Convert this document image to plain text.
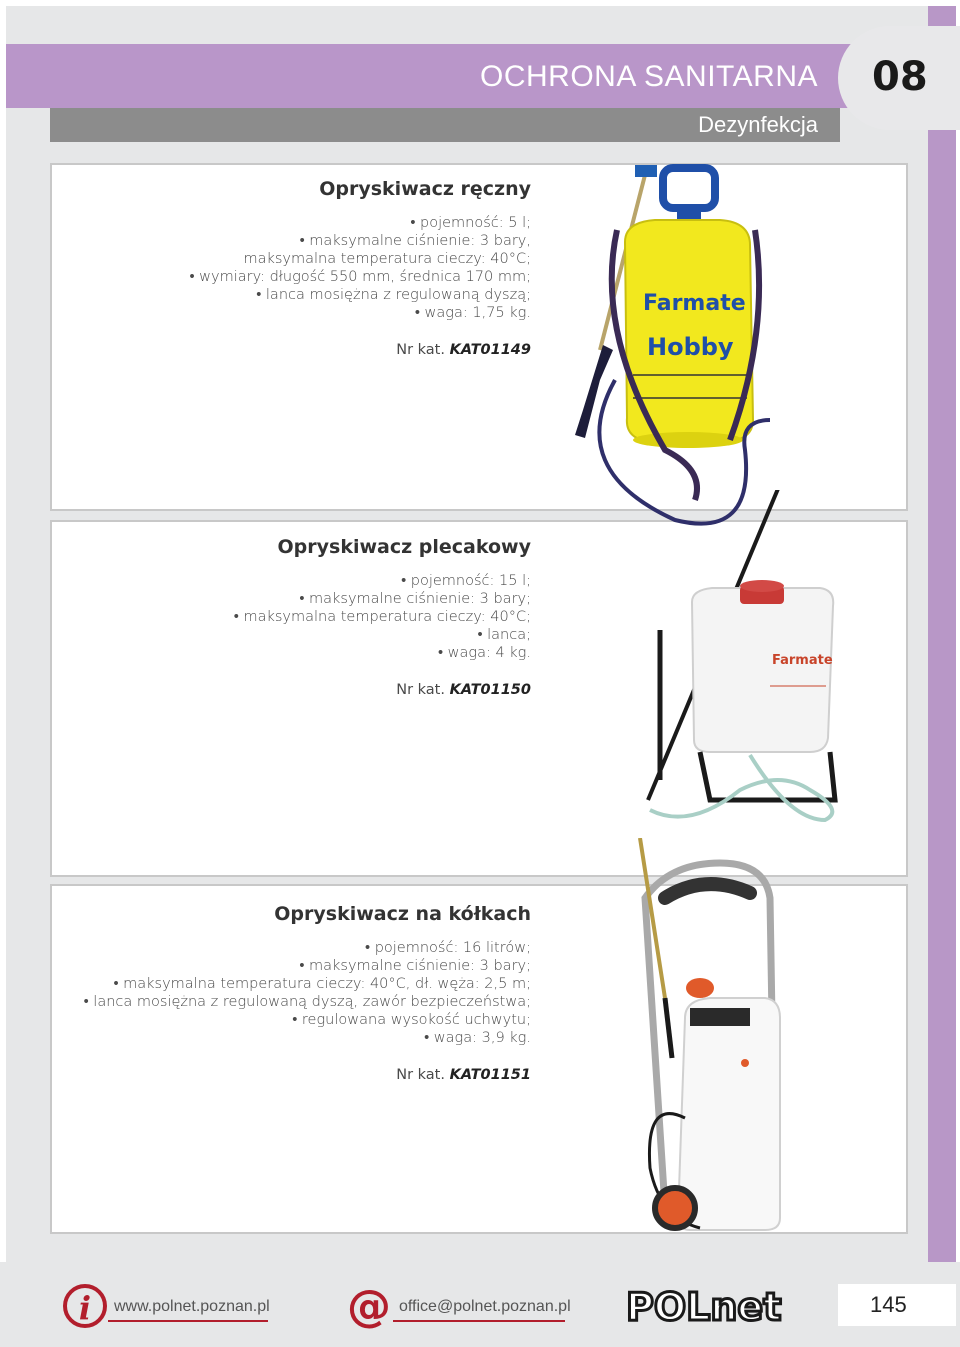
OCHRONA SANITARNA 08
Dezynfekcja
Opryskiwacz ręczny
• pojemność: 5 l;
• maksymalne ciśnienie: 3 bary,
maksymalna temperatura cieczy: 40°C;
• wymiary: długość 550 mm, średnica 170 mm;
• lanca mosiężna z regulowaną dyszą;
• waga: 1,75 kg.
Nr kat. KAT01149
Opryskiwacz plecakowy
• pojemność: 15 l;
• maksymalne ciśnienie: 3 bary;
• maksymalna temperatura cieczy: 40°C;
• lanca;
• waga: 4 kg.
Nr kat. KAT01150
Opryskiwacz na kółkach
• pojemność: 16 litrów;
• maksymalne ciśnienie: 3 bary;
• maksymalna temperatura cieczy: 40°C, dł. węża: 2,5 m;
• lanca mosiężna z regulowaną dyszą, zawór bezpieczeństwa;
• regulowana wysokość uchwytu;
• waga: 3,9 kg.
Nr kat. KAT01151
Farmate
Hobby
Farmate
i www.polnet.poznan.pl @ office@polnet.poznan.pl POLnet	145
